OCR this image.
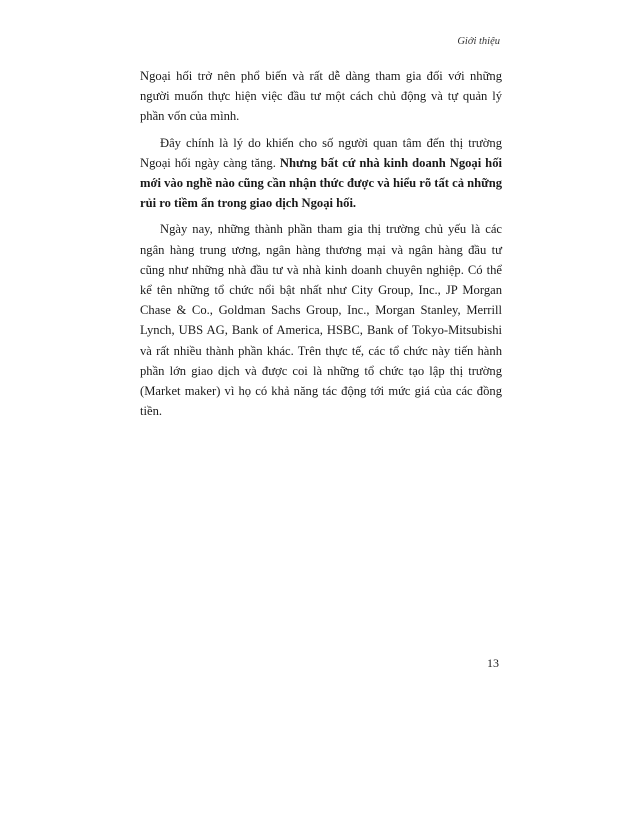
Giới thiệu

Ngoại hối trở nên phổ biến và rất dễ dàng tham gia đối với những người muốn thực hiện việc đầu tư một cách chủ động và tự quản lý phần vốn của mình.

Đây chính là lý do khiến cho số người quan tâm đến thị trường Ngoại hối ngày càng tăng. Nhưng bất cứ nhà kinh doanh Ngoại hối mới vào nghề nào cũng cần nhận thức được và hiểu rõ tất cả những rủi ro tiềm ẩn trong giao dịch Ngoại hối.

Ngày nay, những thành phần tham gia thị trường chủ yếu là các ngân hàng trung ương, ngân hàng thương mại và ngân hàng đầu tư cũng như những nhà đầu tư và nhà kinh doanh chuyên nghiệp. Có thể kể tên những tổ chức nổi bật nhất như City Group, Inc., JP Morgan Chase & Co., Goldman Sachs Group, Inc., Morgan Stanley, Merrill Lynch, UBS AG, Bank of America, HSBC, Bank of Tokyo-Mitsubishi và rất nhiều thành phần khác. Trên thực tế, các tổ chức này tiến hành phần lớn giao dịch và được coi là những tổ chức tạo lập thị trường (Market maker) vì họ có khả năng tác động tới mức giá của các đồng tiền.

13
